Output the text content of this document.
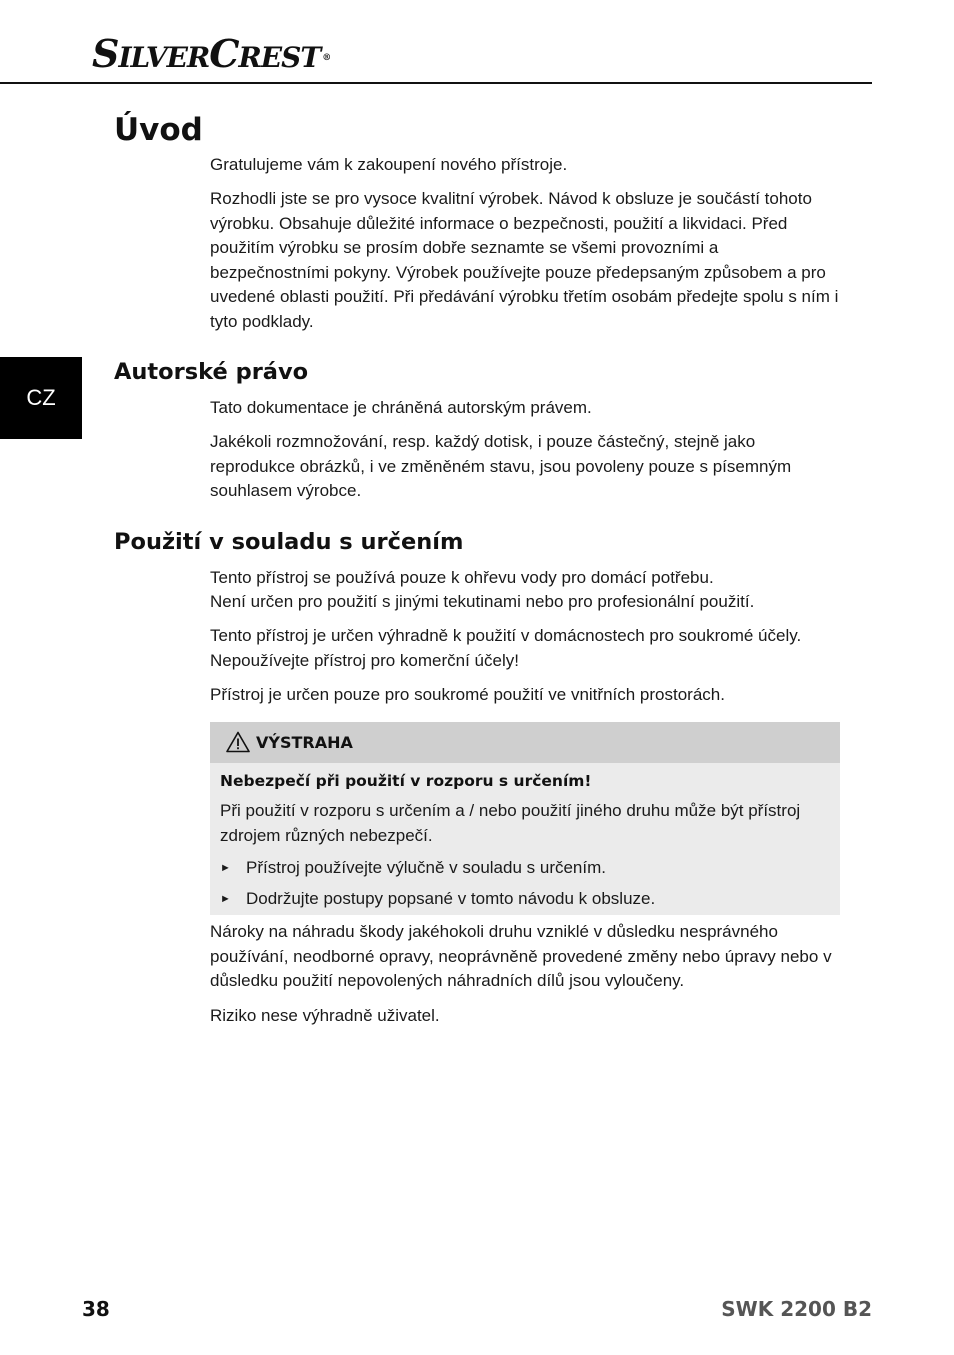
SILVERCREST ®
CZ
Úvod

Gratulujeme vám k zakoupení nového přístroje.

Rozhodli jste se pro vysoce kvalitní výrobek. Návod k obsluze je součástí tohoto výrobku. Obsahuje důležité informace o bezpečnosti, použití a likvidaci. Před použitím výrobku se prosím dobře seznamte se všemi provozními a bezpečnostními pokyny. Výrobek používejte pouze předepsaným způsobem a pro uvedené oblasti použití. Při předávání výrobku třetím osobám předejte spolu s ním i tyto podklady.

Autorské právo

Tato dokumentace je chráněná autorským právem.

Jakékoli rozmnožování, resp. každý dotisk, i pouze částečný, stejně jako reprodukce obrázků, i ve změněném stavu, jsou povoleny pouze s písemným souhlasem výrobce.

Použití v souladu s určením

Tento přístroj se používá pouze k ohřevu vody pro domácí potřebu.

Není určen pro použití s jinými tekutinami nebo pro profesionální použití.

Tento přístroj je určen výhradně k použití v domácnostech pro soukromé účely.

Nepoužívejte přístroj pro komerční účely!

Přístroj je určen pouze pro soukromé použití ve vnitřních prostorách.

VÝSTRAHA
Nebezpečí při použití v rozporu s určením!
Při použití v rozporu s určením a / nebo použití jiného druhu může být přístroj zdrojem různých nebezpečí.
► Přístroj používejte výlučně v souladu s určením.
► Dodržujte postupy popsané v tomto návodu k obsluze.

Nároky na náhradu škody jakéhokoli druhu vzniklé v důsledku nesprávného používání, neodborné opravy, neoprávněně provedené změny nebo úpravy nebo v důsledku použití nepovolených náhradních dílů jsou vyloučeny.

Riziko nese výhradně uživatel.

38	SWK 2200 B2
